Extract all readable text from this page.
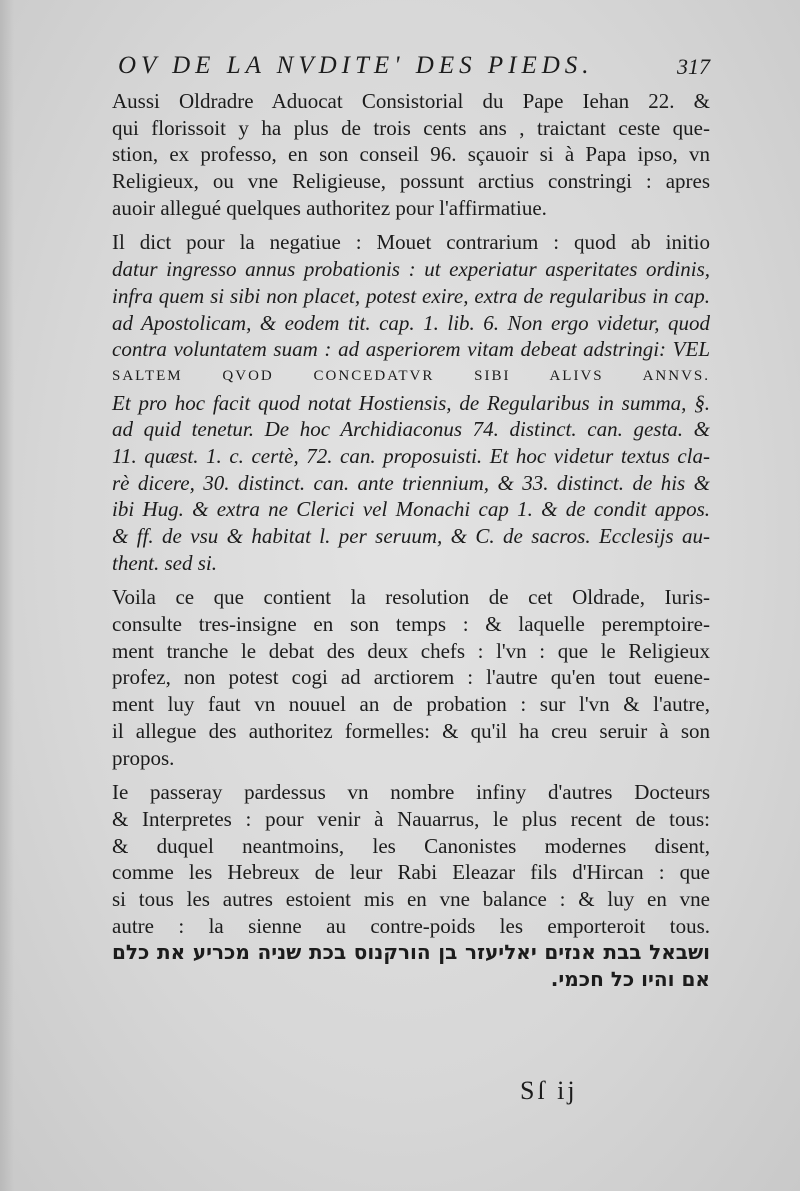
OV DE LA NVDITE' DES PIEDS.	317
Aussi Oldradre Aduocat Consistorial du Pape Iehan 22. &
qui florissoit y ha plus de trois cents ans , traictant ceste que-
stion, ex professo, en son conseil 96. sçauoir si à Papa ipso, vn
Religieux, ou vne Religieuse, possunt arctius constringi : apres
auoir allegué quelques authoritez pour l'affirmatiue.
Il dict pour la negatiue : Mouet contrarium : quod ab initio
datur ingresso annus probationis : ut experiatur asperitates ordinis,
infra quem si sibi non placet, potest exire, extra de regularibus in cap.
ad Apostolicam, & eodem tit. cap. 1. lib. 6. Non ergo videtur, quod
contra voluntatem suam : ad asperiorem vitam debeat adstringi: VEL
SALTEM QVOD CONCEDATVR SIBI ALIVS ANNVS.
Et pro hoc facit quod notat Hostiensis, de Regularibus in summa, §.
ad quid tenetur. De hoc Archidiaconus 74. distinct. can. gesta. &
11. quæst. 1. c. certè, 72. can. proposuisti. Et hoc videtur textus cla-
rè dicere, 30. distinct. can. ante triennium, & 33. distinct. de his &
ibi Hug. & extra ne Clerici vel Monachi cap 1. & de condit appos.
& ff. de vsu & habitat l. per seruum, & C. de sacros. Ecclesijs au-
thent. sed si.
Voila ce que contient la resolution de cet Oldrade, Iuris-
consulte tres-insigne en son temps : & laquelle peremptoire-
ment tranche le debat des deux chefs : l'vn : que le Religieux
profez, non potest cogi ad arctiorem : l'autre qu'en tout euene-
ment luy faut vn nouuel an de probation : sur l'vn & l'autre,
il allegue des authoritez formelles: & qu'il ha creu seruir à son
propos.
Ie passeray pardessus vn nombre infiny d'autres Docteurs
& Interpretes : pour venir à Nauarrus, le plus recent de tous:
& duquel neantmoins, les Canonistes modernes disent,
comme les Hebreux de leur Rabi Eleazar fils d'Hircan : que
si tous les autres estoient mis en vne balance : & luy en vne
autre : la sienne au contre-poids les emporteroit tous.
ושבאל בבת אנזים יאליעזר בן הורקנוס בכת שניה מכריע את כלם
אם והיו כל חכמי.
Sſ ij
